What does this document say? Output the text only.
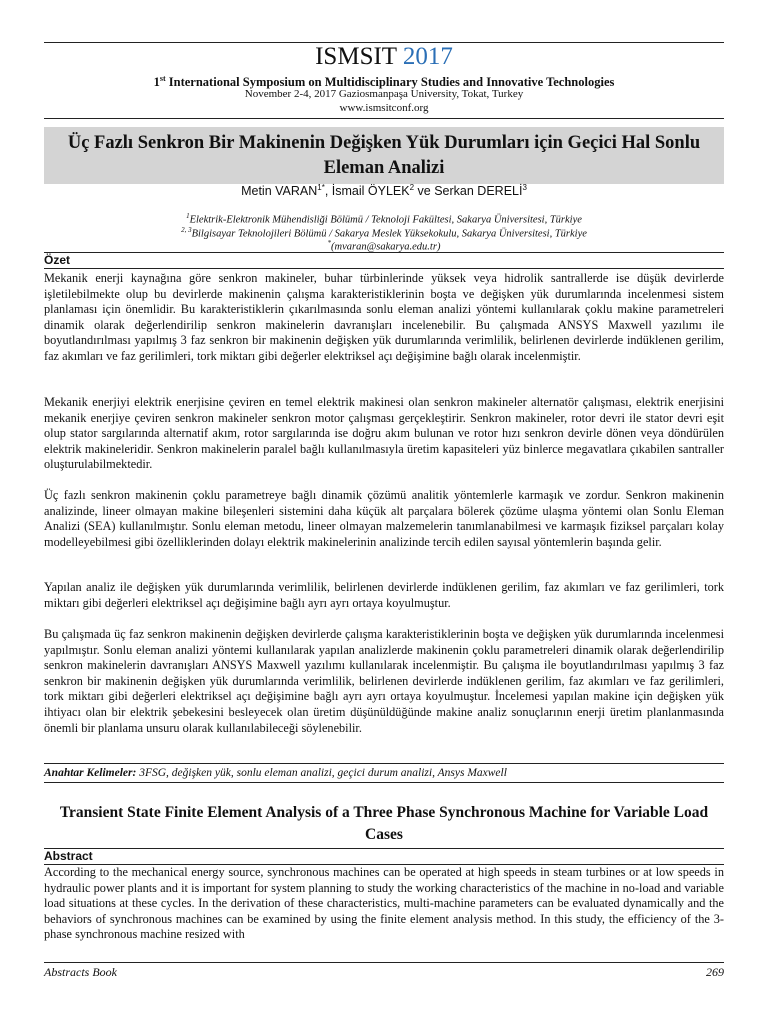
ISMSIT 2017
1st International Symposium on Multidisciplinary Studies and Innovative Technologies
November 2-4, 2017 Gaziosmanpaşa University, Tokat, Turkey
www.ismsitconf.org
Üç Fazlı Senkron Bir Makinenin Değişken Yük Durumları için Geçici Hal Sonlu Eleman Analizi
Metin $VARAN^{1*}$, İsmail ÖYLEK$^2$ ve Serkan DERELİ$^3$
$^1$Elektrik-Elektronik Mühendisliği Bölümü / Teknoloji Fakültesi, Sakarya Üniversitesi, Türkiye
$^{2, 3}$Bilgisayar Teknolojileri Bölümü / Sakarya Meslek Yüksekokulu, Sakarya Üniversitesi, Türkiye
*(mvaran@sakarya.edu.tr)
Özet
Mekanik enerji kaynağına göre senkron makineler, buhar türbinlerinde yüksek veya hidrolik santrallerde ise düşük devirlerde işletilebilmekte olup bu devirlerde makinenin çalışma karakteristiklerinin boşta ve değişken yük durumlarında incelenmesi sistem planlaması için önemlidir. Bu karakteristiklerin çıkarılmasında sonlu eleman analizi yöntemi kullanılarak çoklu makine parametreleri dinamik olarak değerlendirilip senkron makinelerin davranışları incelenebilir. Bu çalışmada ANSYS Maxwell yazılımı ile boyutlandırılması yapılmış 3 faz senkron bir makinenin değişken yük durumlarında verimlilik, belirlenen devirlerde indüklenen gerilim, faz akımları ve faz gerilimleri, tork miktarı gibi değerler elektriksel açı değişimine bağlı olarak incelenmiştir.
Mekanik enerjiyi elektrik enerjisine çeviren en temel elektrik makinesi olan senkron makineler alternatör çalışması, elektrik enerjisini mekanik enerjiye çeviren senkron makineler senkron motor çalışması gerçekleştirir. Senkron makineler, rotor devri ile stator devri eşit olup stator sargılarında alternatif akım, rotor sargılarında ise doğru akım bulunan ve rotor hızı senkron devirle dönen veya döndürülen elektrik makineleridir. Senkron makinelerin paralel bağlı kullanılmasıyla üretim kapasiteleri yüz binlerce megavatlara çıkabilen santraller oluşturulabilmektedir.
Üç fazlı senkron makinenin çoklu parametreye bağlı dinamik çözümü analitik yöntemlerle karmaşık ve zordur. Senkron makinenin analizinde, lineer olmayan makine bileşenleri sistemini daha küçük alt parçalara bölerek çözüme ulaşma yöntemi olan Sonlu Eleman Analizi (SEA) kullanılmıştır. Sonlu eleman metodu, lineer olmayan malzemelerin tanımlanabilmesi ve karmaşık fiziksel parçaları kolay modelleyebilmesi gibi özelliklerinden dolayı elektrik makinelerinin analizinde tercih edilen sayısal yöntemlerin başında gelir.
Yapılan analiz ile değişken yük durumlarında verimlilik, belirlenen devirlerde indüklenen gerilim, faz akımları ve faz gerilimleri, tork miktarı gibi değerleri elektriksel açı değişimine bağlı ayrı ayrı ortaya koyulmuştur.
Bu çalışmada üç faz senkron makinenin değişken devirlerde çalışma karakteristiklerinin boşta ve değişken yük durumlarında incelenmesi yapılmıştır. Sonlu eleman analizi yöntemi kullanılarak yapılan analizlerde makinenin çoklu parametreleri dinamik olarak değerlendirilip senkron makinelerin davranışları ANSYS Maxwell yazılımı kullanılarak incelenmiştir. Bu çalışma ile boyutlandırılması yapılmış 3 faz senkron bir makinenin değişken yük durumlarında verimlilik, belirlenen devirlerde indüklenen gerilim, faz akımları ve faz gerilimleri, tork miktarı gibi değerleri elektriksel açı değişimine bağlı ayrı ayrı ortaya koyulmuştur. İncelemesi yapılan makine için değişken yük ihtiyacı olan bir elektrik şebekesini besleyecek olan üretim düşünüldüğünde makine analiz sonuçlarının enerji üretim planlanmasında önemli bir planlama unsuru olarak kullanılabileceği söylenebilir.
Anahtar Kelimeler: 3FSG, değişken yük, sonlu eleman analizi, geçici durum analizi, Ansys Maxwell
Transient State Finite Element Analysis of a Three Phase Synchronous Machine for Variable Load Cases
Abstract
According to the mechanical energy source, synchronous machines can be operated at high speeds in steam turbines or at low speeds in hydraulic power plants and it is important for system planning to study the working characteristics of the machine in no-load and variable load situations at these cycles. In the derivation of these characteristics, multi-machine parameters can be evaluated dynamically and the behaviors of synchronous machines can be examined by using the finite element analysis method. In this study, the efficiency of the 3-phase synchronous machine resized with
Abstracts Book	269
